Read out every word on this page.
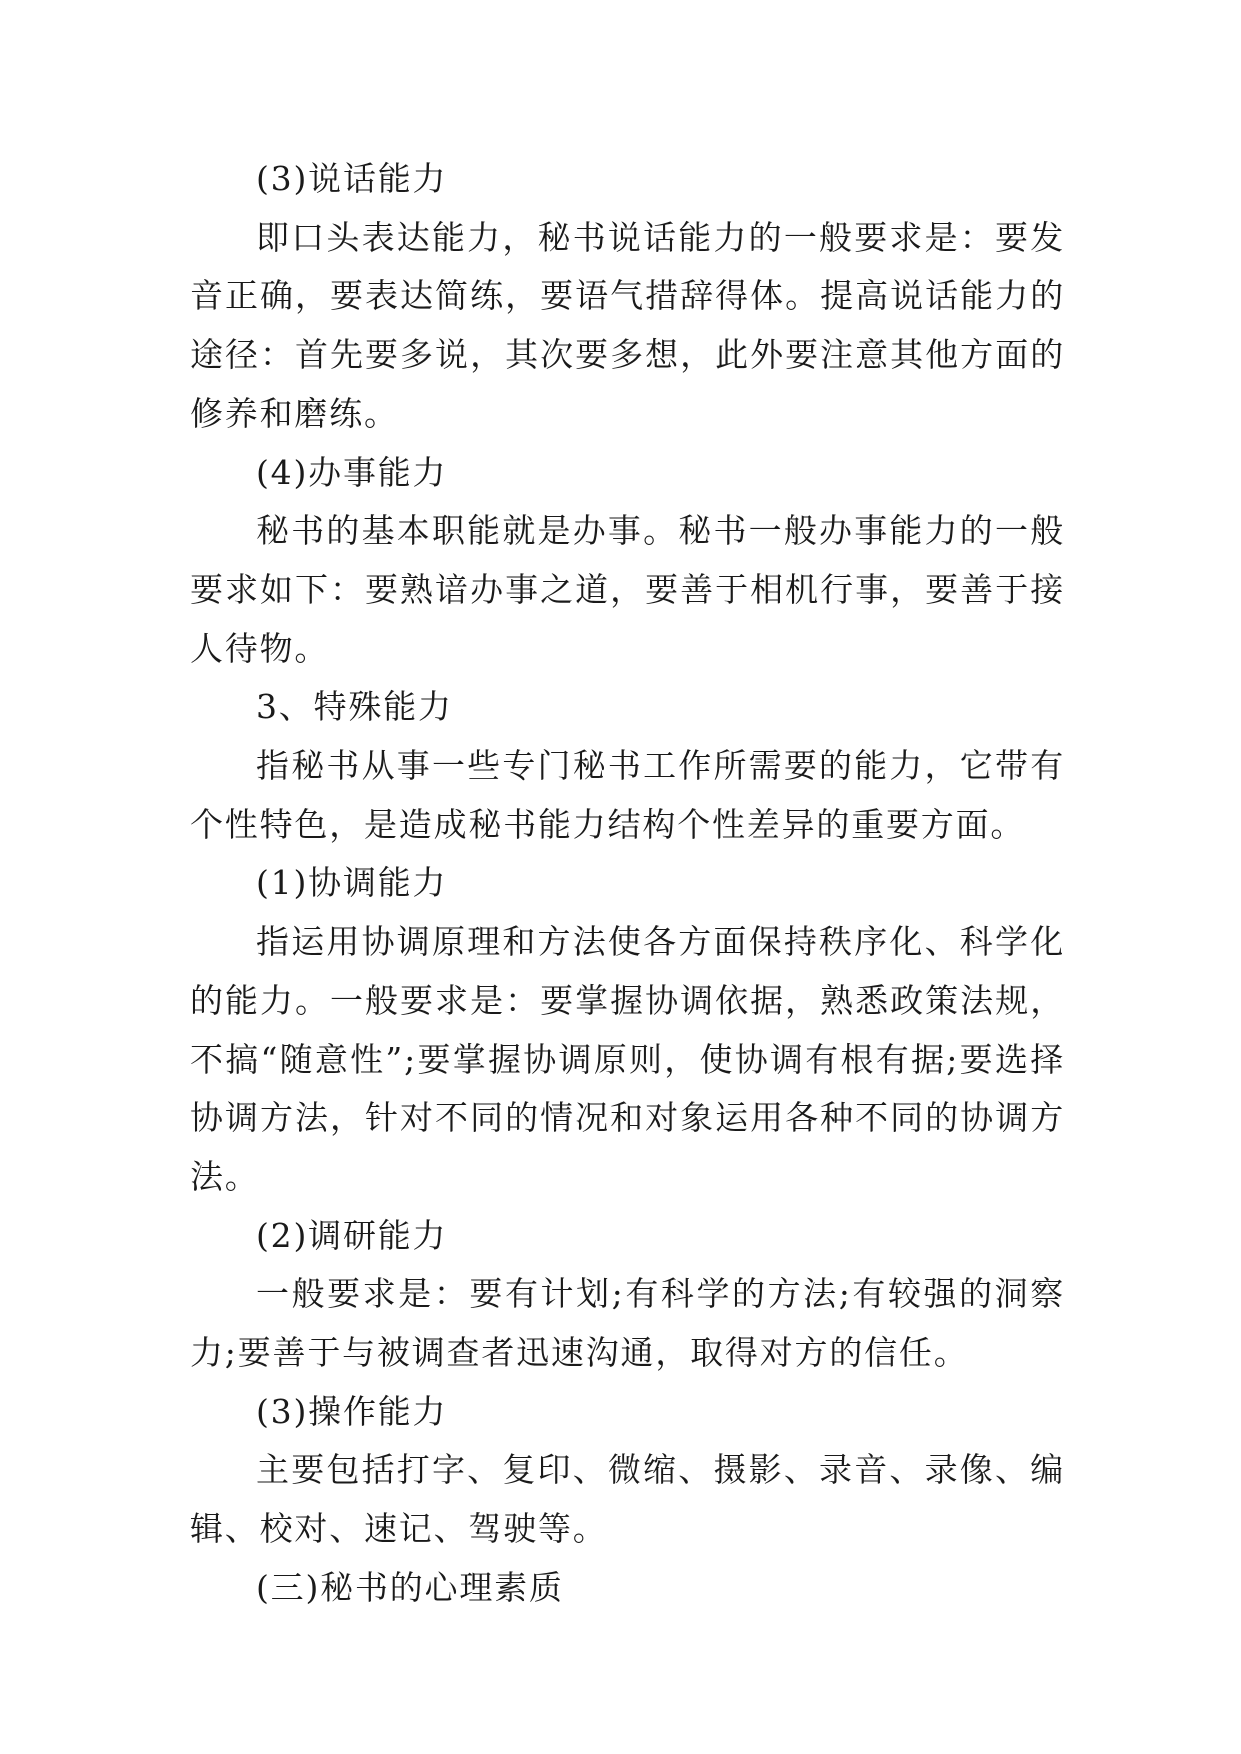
(3)说话能力

即口头表达能力，秘书说话能力的一般要求是：要发音正确，要表达简练，要语气措辞得体。提高说话能力的途径：首先要多说，其次要多想，此外要注意其他方面的修养和磨练。

(4)办事能力

秘书的基本职能就是办事。秘书一般办事能力的一般要求如下：要熟谙办事之道，要善于相机行事，要善于接人待物。

3、特殊能力

指秘书从事一些专门秘书工作所需要的能力，它带有个性特色，是造成秘书能力结构个性差异的重要方面。

(1)协调能力

指运用协调原理和方法使各方面保持秩序化、科学化的能力。一般要求是：要掌握协调依据，熟悉政策法规，不搞“随意性”;要掌握协调原则，使协调有根有据;要选择协调方法，针对不同的情况和对象运用各种不同的协调方法。

(2)调研能力

一般要求是：要有计划;有科学的方法;有较强的洞察力;要善于与被调查者迅速沟通，取得对方的信任。

(3)操作能力

主要包括打字、复印、微缩、摄影、录音、录像、编辑、校对、速记、驾驶等。

(三)秘书的心理素质
